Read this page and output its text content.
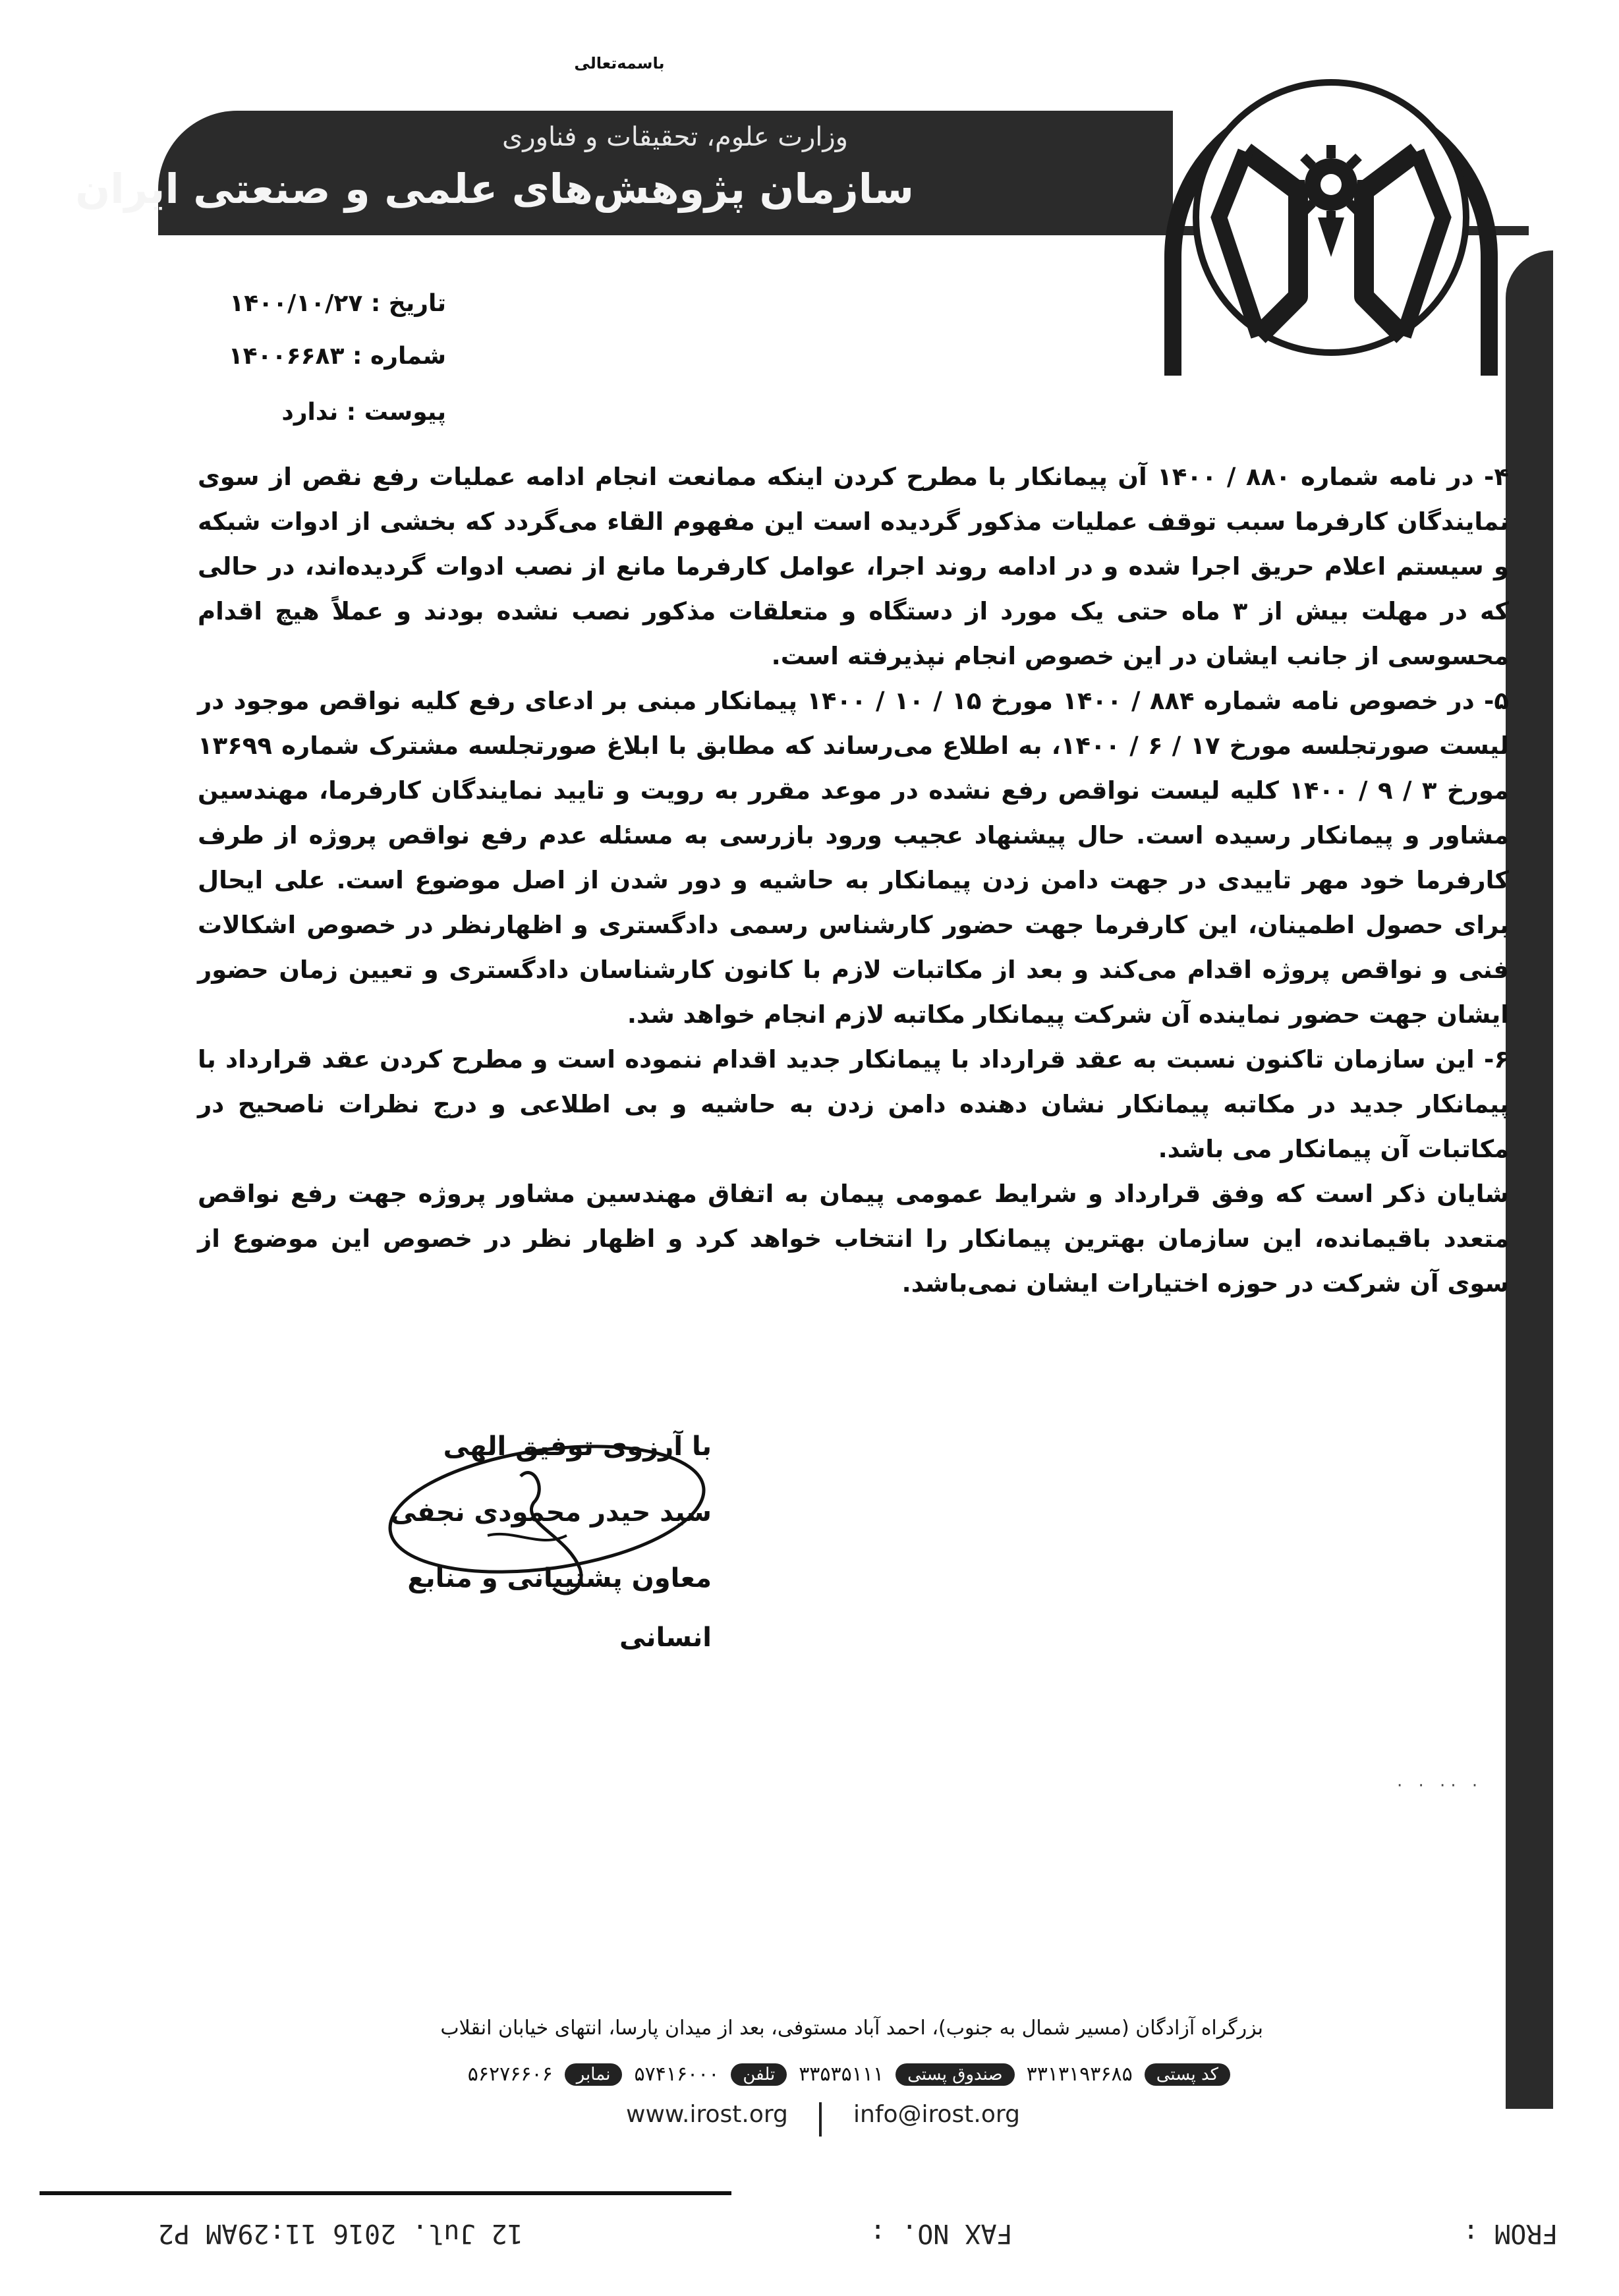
باسمه‌تعالی
وزارت علوم، تحقیقات و فناوری
سازمان پژوهش‌های علمی و صنعتی ایران
تاریخ : ۱۴۰۰/۱۰/۲۷
شماره : ۱۴۰۰۶۶۸۳
پیوست : ندارد

۴- در نامه شماره ۸۸۰ / ۱۴۰۰ آن پیمانکار با مطرح کردن اینکه ممانعت انجام ادامه عملیات رفع نقص از سوی نمایندگان کارفرما سبب توقف عملیات مذکور گردیده است این مفهوم القاء می‌گردد که بخشی از ادوات شبکه و سیستم اعلام حریق اجرا شده و در ادامه روند اجرا، عوامل کارفرما مانع از نصب ادوات گردیده‌اند، در حالی که در مهلت بیش از ۳ ماه حتی یک مورد از دستگاه و متعلقات مذکور نصب نشده بودند و عملاً هیچ اقدام محسوسی از جانب ایشان در این خصوص انجام نپذیرفته است.

۵- در خصوص نامه شماره ۸۸۴ / ۱۴۰۰ مورخ ۱۵ / ۱۰ / ۱۴۰۰ پیمانکار مبنی بر ادعای رفع کلیه نواقص موجود در لیست صورتجلسه مورخ ۱۷ / ۶ / ۱۴۰۰، به اطلاع می‌رساند که مطابق با ابلاغ صورتجلسه مشترک شماره ۱۳۶۹۹ مورخ ۳ / ۹ / ۱۴۰۰ کلیه لیست نواقص رفع نشده در موعد مقرر به رویت و تایید نمایندگان کارفرما، مهندسین مشاور و پیمانکار رسیده است. حال پیشنهاد عجیب ورود بازرسی به مسئله عدم رفع نواقص پروژه از طرف کارفرما خود مهر تاییدی در جهت دامن زدن پیمانکار به حاشیه و دور شدن از اصل موضوع است. علی ایحال برای حصول اطمینان، این کارفرما جهت حضور کارشناس رسمی دادگستری و اظهارنظر در خصوص اشکالات فنی و نواقص پروژه اقدام می‌کند و بعد از مکاتبات لازم با کانون کارشناسان دادگستری و تعیین زمان حضور ایشان جهت حضور نماینده آن شرکت پیمانکار مکاتبه لازم انجام خواهد شد.

۶- این سازمان تاکنون نسبت به عقد قرارداد با پیمانکار جدید اقدام ننموده است و مطرح کردن عقد قرارداد با پیمانکار جدید در مکاتبه پیمانکار نشان دهنده دامن زدن به حاشیه و بی اطلاعی و درج نظرات ناصحیح در مکاتبات آن پیمانکار می باشد.

شایان ذکر است که وفق قرارداد و شرایط عمومی پیمان به اتفاق مهندسین مشاور پروژه جهت رفع نواقص متعدد باقیمانده، این سازمان بهترین پیمانکار را انتخاب خواهد کرد و اظهار نظر در خصوص این موضوع از سوی آن شرکت در حوزه اختیارات ایشان نمی‌باشد.

با آرزوی توفیق الهی
سید حیدر محمودی نجفی
معاون پشتیبانی و منابع انسانی
· · ·· ·
بزرگراه آزادگان (مسیر شمال به جنوب)، احمد آباد مستوفی، بعد از میدان پارسا، انتهای خیابان انقلاب
کد پستی
۳۳۱۳۱۹۳۶۸۵
صندوق پستی
۳۳۵۳۵۱۱۱
تلفن
۵۷۴۱۶۰۰۰
نمابر
۵۶۲۷۶۶۰۶
www.irost.org	info@irost.org
12 Jul. 2016 11:29AM P2	FAX NO. :	FROM :
